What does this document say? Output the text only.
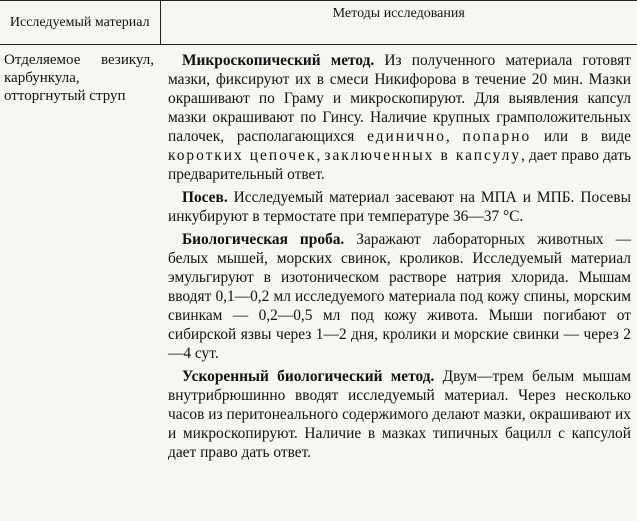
Исследуемый материал	Методы исследования
Отделяемое везикул, карбункула, отторгнутый струп	Микроскопический метод. Из полученного материала готовят мазки, фиксируют их в смеси Никифорова в течение 20 мин. Мазки окрашивают по Граму и микроскопируют. Для выявления капсул мазки окрашивают по Гинсу. Наличие крупных грамположительных палочек, располагающихся единично, попарно или в виде коротких цепочек, заключенных в капсулу, дает право дать предварительный ответ.

Посев. Исследуемый материал засевают на МПА и МПБ. Посевы инкубируют в термостате при температуре 36—37 °С.

Биологическая проба. Заражают лабораторных животных — белых мышей, морских свинок, кроликов. Исследуемый материал эмульгируют в изотоническом растворе натрия хлорида. Мышам вводят 0,1—0,2 мл исследуемого материала под кожу спины, морским свинкам — 0,2—0,5 мл под кожу живота. Мыши погибают от сибирской язвы через 1—2 дня, кролики и морские свинки — через 2—4 сут.

Ускоренный биологический метод. Двум—трем белым мышам внутрибрюшинно вводят исследуемый материал. Через несколько часов из перитонеального содержимого делают мазки, окрашивают их и микроскопируют. Наличие в мазках типичных бацилл с капсулой дает право дать ответ.
